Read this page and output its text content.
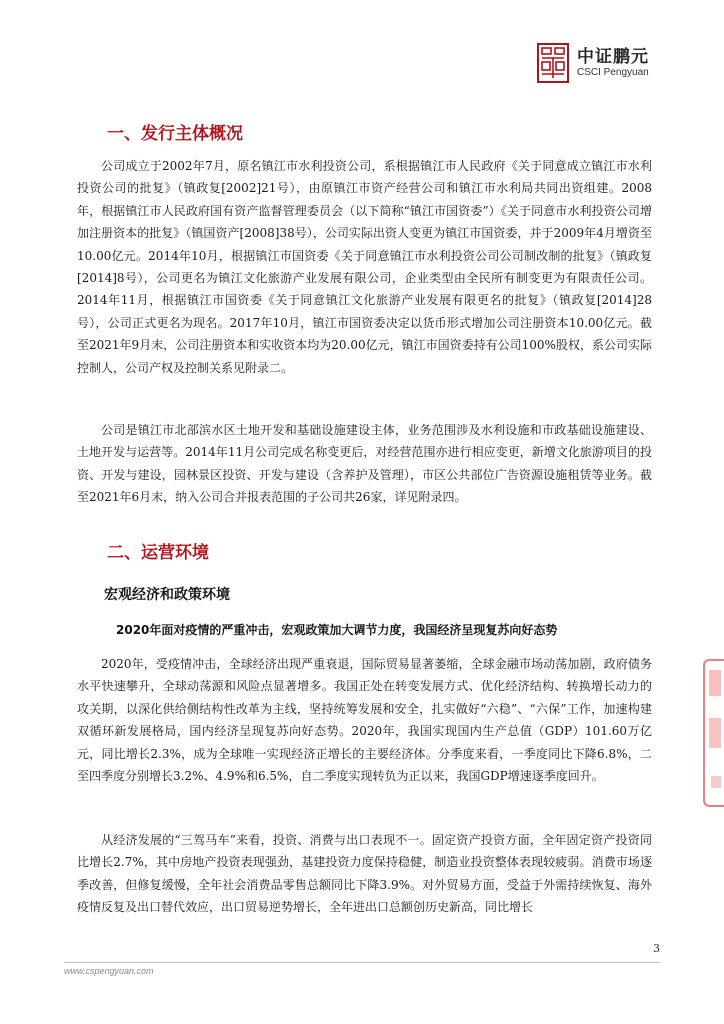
中证鹏元
CSCI Pengyuan
一、发行主体概况

公司成立于2002年7月，原名镇江市水利投资公司，系根据镇江市人民政府《关于同意成立镇江市水利投资公司的批复》（镇政复[2002]21号），由原镇江市资产经营公司和镇江市水利局共同出资组建。2008年，根据镇江市人民政府国有资产监督管理委员会（以下简称“镇江市国资委”）《关于同意市水利投资公司增加注册资本的批复》（镇国资产[2008]38号），公司实际出资人变更为镇江市国资委，并于2009年4月增资至10.00亿元。2014年10月，根据镇江市国资委《关于同意镇江市水利投资公司公司制改制的批复》（镇政复[2014]8号），公司更名为镇江文化旅游产业发展有限公司，企业类型由全民所有制变更为有限责任公司。2014年11月，根据镇江市国资委《关于同意镇江文化旅游产业发展有限更名的批复》（镇政复[2014]28号），公司正式更名为现名。2017年10月，镇江市国资委决定以货币形式增加公司注册资本10.00亿元。截至2021年9月末，公司注册资本和实收资本均为20.00亿元，镇江市国资委持有公司100%股权，系公司实际控制人，公司产权及控制关系见附录二。

公司是镇江市北部滨水区土地开发和基础设施建设主体，业务范围涉及水利设施和市政基础设施建设、土地开发与运营等。2014年11月公司完成名称变更后，对经营范围亦进行相应变更，新增文化旅游项目的投资、开发与建设，园林景区投资、开发与建设（含养护及管理），市区公共部位广告资源设施租赁等业务。截至2021年6月末，纳入公司合并报表范围的子公司共26家，详见附录四。

二、运营环境
宏观经济和政策环境
2020年面对疫情的严重冲击，宏观政策加大调节力度，我国经济呈现复苏向好态势

2020年，受疫情冲击，全球经济出现严重衰退，国际贸易显著萎缩，全球金融市场动荡加剧，政府债务水平快速攀升，全球动荡源和风险点显著增多。我国正处在转变发展方式、优化经济结构、转换增长动力的攻关期，以深化供给侧结构性改革为主线，坚持统筹发展和安全，扎实做好“六稳”、“六保”工作，加速构建双循环新发展格局，国内经济呈现复苏向好态势。2020年，我国实现国内生产总值（GDP）101.60万亿元，同比增长2.3%，成为全球唯一实现经济正增长的主要经济体。分季度来看，一季度同比下降6.8%，二至四季度分别增长3.2%、4.9%和6.5%，自二季度实现转负为正以来，我国GDP增速逐季度回升。

从经济发展的“三驾马车”来看，投资、消费与出口表现不一。固定资产投资方面，全年固定资产投资同比增长2.7%，其中房地产投资表现强劲，基建投资力度保持稳健，制造业投资整体表现较疲弱。消费市场逐季改善，但修复缓慢，全年社会消费品零售总额同比下降3.9%。对外贸易方面，受益于外需持续恢复、海外疫情反复及出口替代效应，出口贸易逆势增长，全年进出口总额创历史新高，同比增长

3
www.cspengyuan.com
